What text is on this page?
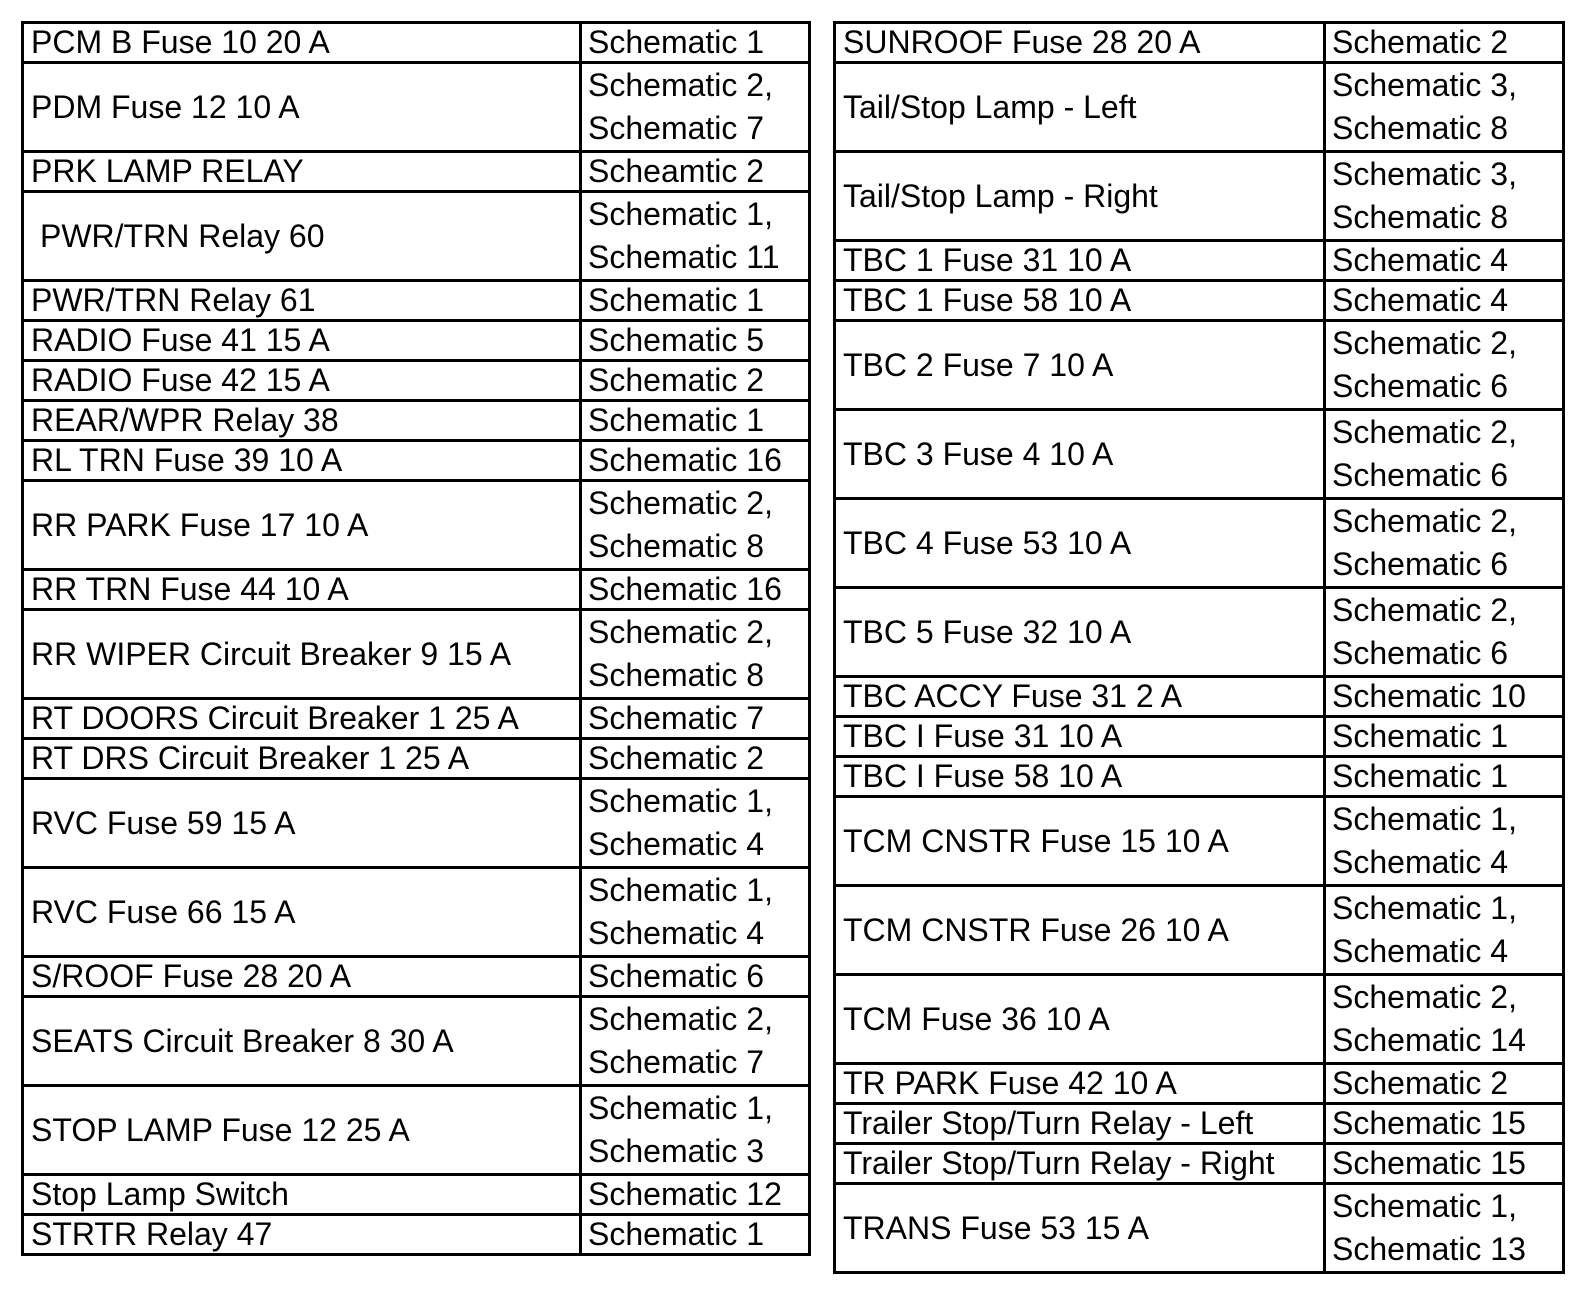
PCM B Fuse 10 20 A	Schematic 1

PDM Fuse 12 10 A	Schematic 2,
Schematic 7

PRK LAMP RELAY	Scheamtic 2

PWR/TRN Relay 60	Schematic 1,
Schematic 11

PWR/TRN Relay 61	Schematic 1

RADIO Fuse 41 15 A	Schematic 5

RADIO Fuse 42 15 A	Schematic 2

REAR/WPR Relay 38	Schematic 1

RL TRN Fuse 39 10 A	Schematic 16

RR PARK Fuse 17 10 A	Schematic 2,
Schematic 8

RR TRN Fuse 44 10 A	Schematic 16

RR WIPER Circuit Breaker 9 15 A	Schematic 2,
Schematic 8

RT DOORS Circuit Breaker 1 25 A	Schematic 7

RT DRS Circuit Breaker 1 25 A	Schematic 2

RVC Fuse 59 15 A	Schematic 1,
Schematic 4

RVC Fuse 66 15 A	Schematic 1,
Schematic 4

S/ROOF Fuse 28 20 A	Schematic 6

SEATS Circuit Breaker 8 30 A	Schematic 2,
Schematic 7

STOP LAMP Fuse 12 25 A	Schematic 1,
Schematic 3

Stop Lamp Switch	Schematic 12

STRTR Relay 47	Schematic 1
SUNROOF Fuse 28 20 A	Schematic 2

Tail/Stop Lamp - Left	Schematic 3,
Schematic 8

Tail/Stop Lamp - Right	Schematic 3,
Schematic 8

TBC 1 Fuse 31 10 A	Schematic 4

TBC 1 Fuse 58 10 A	Schematic 4

TBC 2 Fuse 7 10 A	Schematic 2,
Schematic 6

TBC 3 Fuse 4 10 A	Schematic 2,
Schematic 6

TBC 4 Fuse 53 10 A	Schematic 2,
Schematic 6

TBC 5 Fuse 32 10 A	Schematic 2,
Schematic 6

TBC ACCY Fuse 31 2 A	Schematic 10

TBC I Fuse 31 10 A	Schematic 1

TBC I Fuse 58 10 A	Schematic 1

TCM CNSTR Fuse 15 10 A	Schematic 1,
Schematic 4

TCM CNSTR Fuse 26 10 A	Schematic 1,
Schematic 4

TCM Fuse 36 10 A	Schematic 2,
Schematic 14

TR PARK Fuse 42 10 A	Schematic 2

Trailer Stop/Turn Relay - Left	Schematic 15

Trailer Stop/Turn Relay - Right	Schematic 15

TRANS Fuse 53 15 A	Schematic 1,
Schematic 13
